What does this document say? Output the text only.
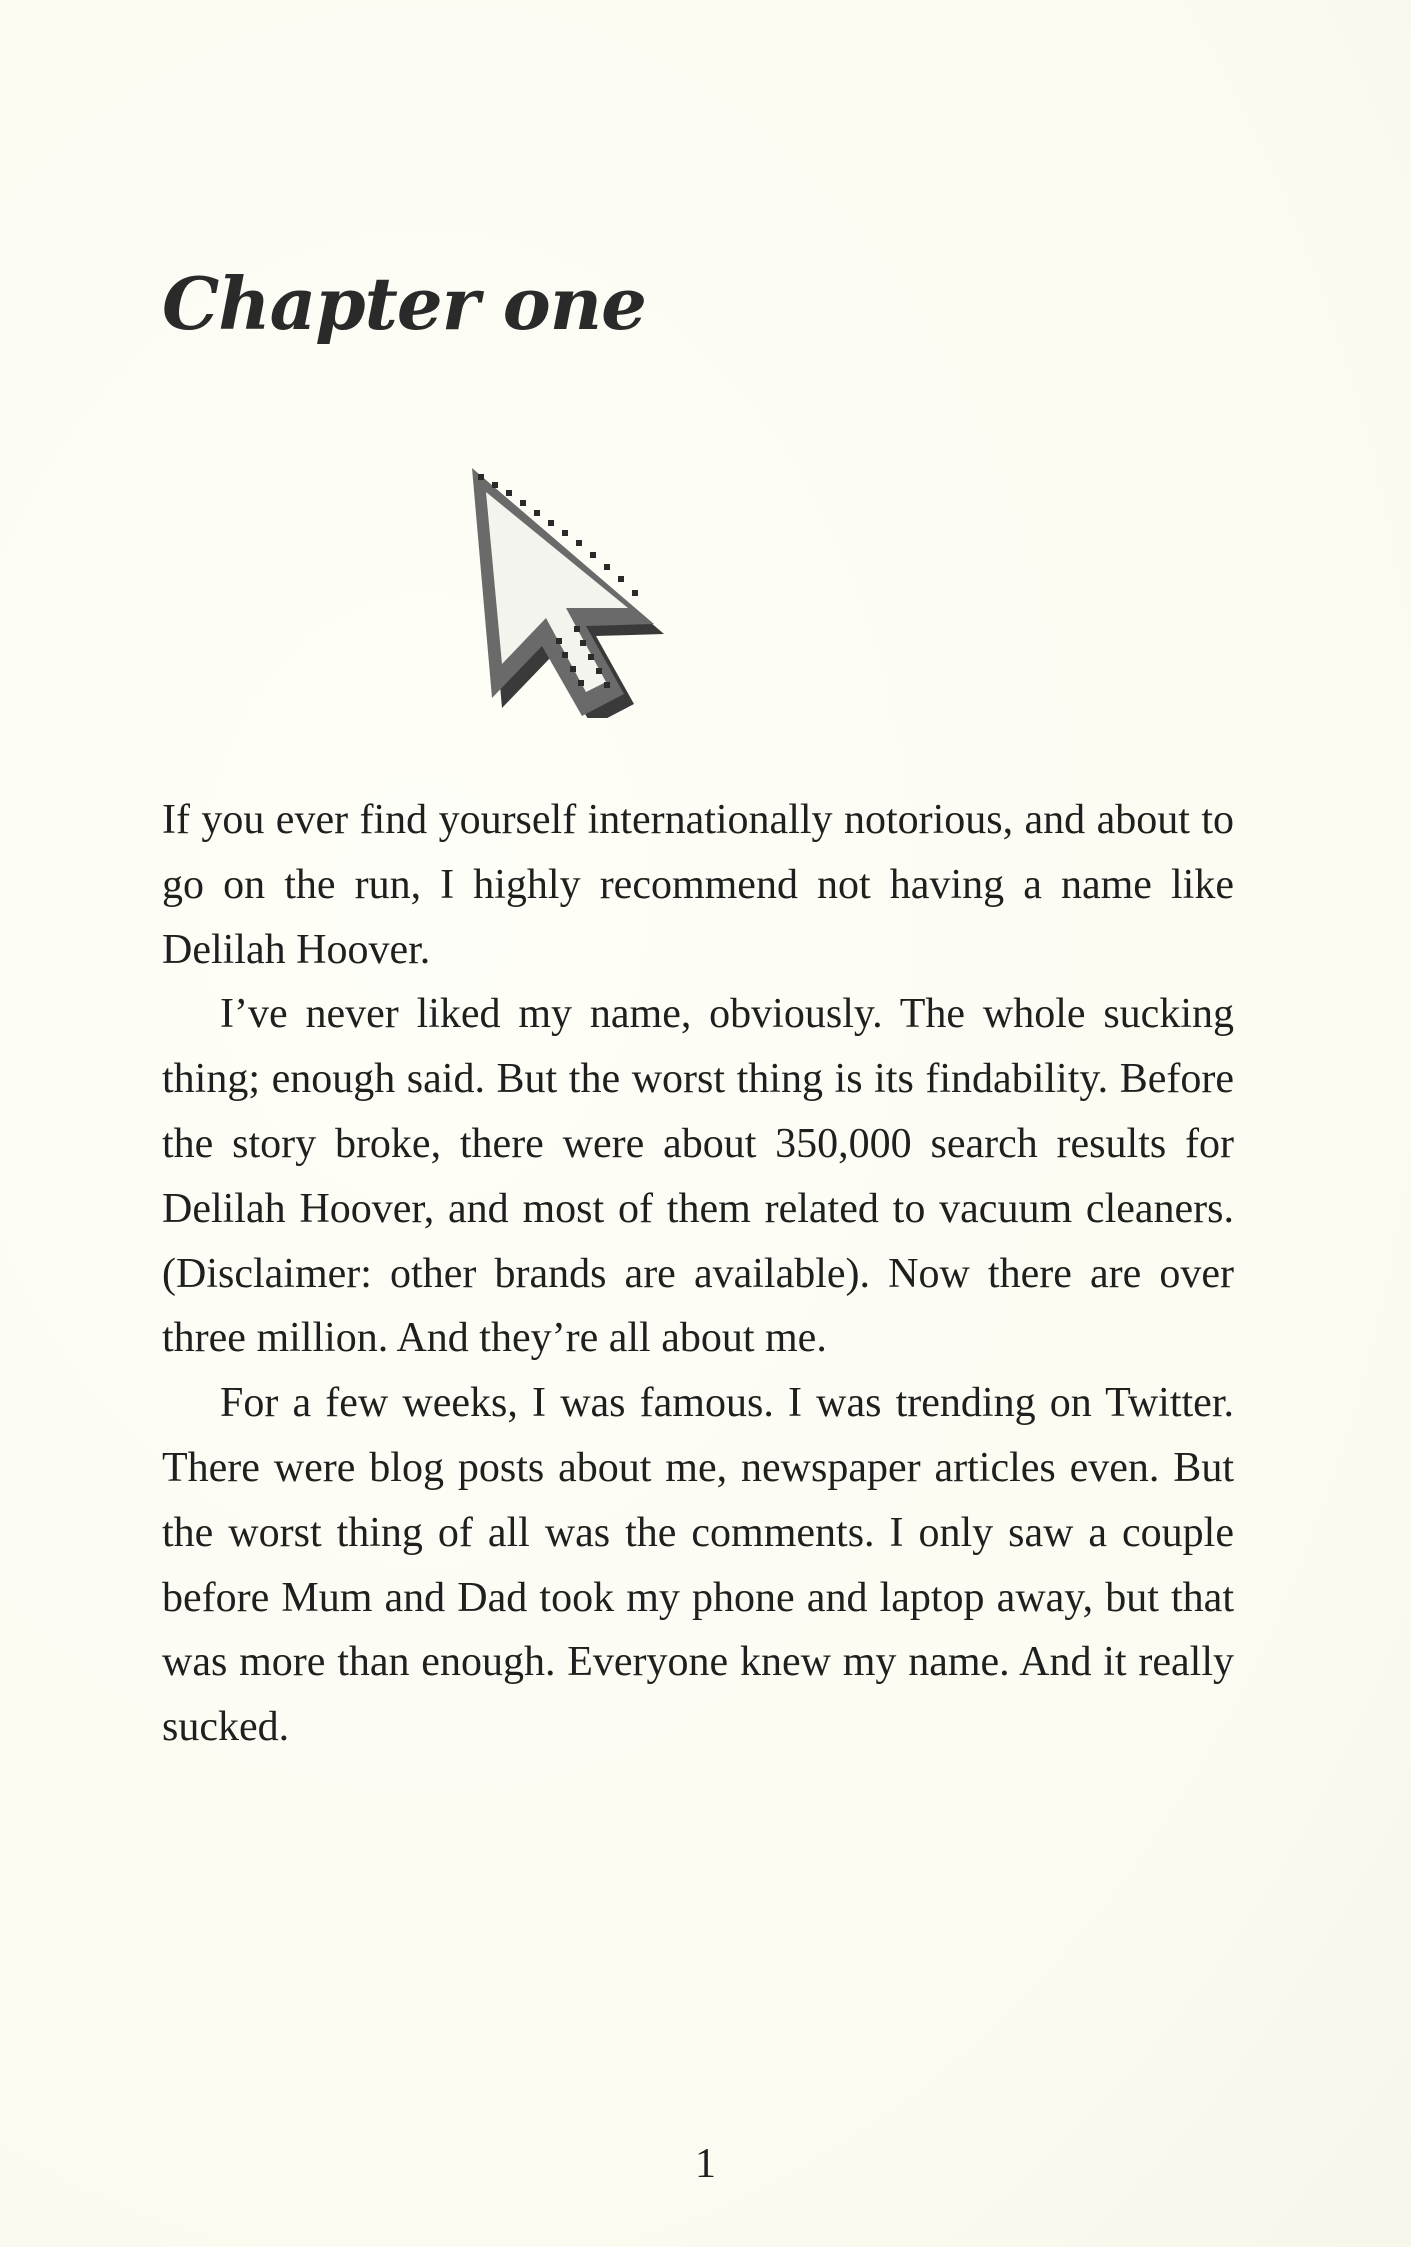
Chapter one

If you ever find yourself internationally notorious, and about to go on the run, I highly recommend not having a name like Delilah Hoover.

I’ve never liked my name, obviously. The whole sucking thing; enough said. But the worst thing is its findability. Before the story broke, there were about 350,000 search results for Delilah Hoover, and most of them related to vacuum cleaners. (Disclaimer: other brands are available). Now there are over three million. And they’re all about me.

For a few weeks, I was famous. I was trending on Twitter. There were blog posts about me, newspaper articles even. But the worst thing of all was the comments. I only saw a couple before Mum and Dad took my phone and laptop away, but that was more than enough. Everyone knew my name. And it really sucked.

1
